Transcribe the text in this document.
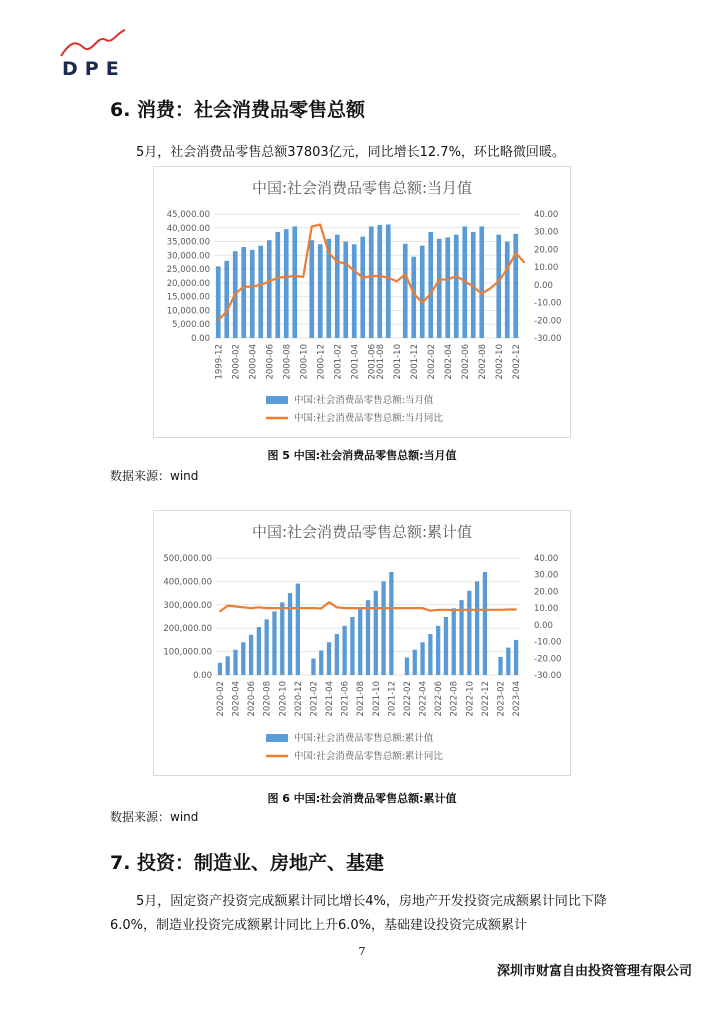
DPE
6. 消费：社会消费品零售总额

5月，社会消费品零售总额37803亿元，同比增长12.7%，环比略微回暖。

中国:社会消费品零售总额:当月值
45,000.00
40,000.00
35,000.00
30,000.00
25,000.00
20,000.00
15,000.00
10,000.00
5,000.00
0.00
40.00
30.00
20.00
10.00
0.00
-10.00
-20.00
-30.00
1999-12 2000-02 2000-04 2000-06 2000-08 2000-10 2000-12 2001-02 2001-04 2001-06
2001-08 2001-10 2001-12 2002-02 2002-04 2002-06 2002-08 2002-10 2002-12
中国:社会消费品零售总额:当月值
中国:社会消费品零售总额:当月同比
图 5 中国:社会消费品零售总额:当月值
数据来源：wind
中国:社会消费品零售总额:累计值
500,000.00
400,000.00
300,000.00
200,000.00
100,000.00
0.00
40.00
30.00
20.00
10.00
0.00
-10.00
-20.00
-30.00
2020-02 2020-04 2020-06 2020-08 2020-10 2020-12 2021-02 2021-04 2021-06 2021-08 2021-10 2021-12 2022-02 2022-04 2022-06 2022-08 2022-10 2022-12 2023-02 2023-04
中国:社会消费品零售总额:累计值
中国:社会消费品零售总额:累计同比
图 6 中国:社会消费品零售总额:累计值
数据来源：wind
7. 投资：制造业、房地产、基建

5月，固定资产投资完成额累计同比增长4%，房地产开发投资完成额累计同比下降6.0%，制造业投资完成额累计同比上升6.0%，基础建设投资完成额累计

7
深圳市财富自由投资管理有限公司
